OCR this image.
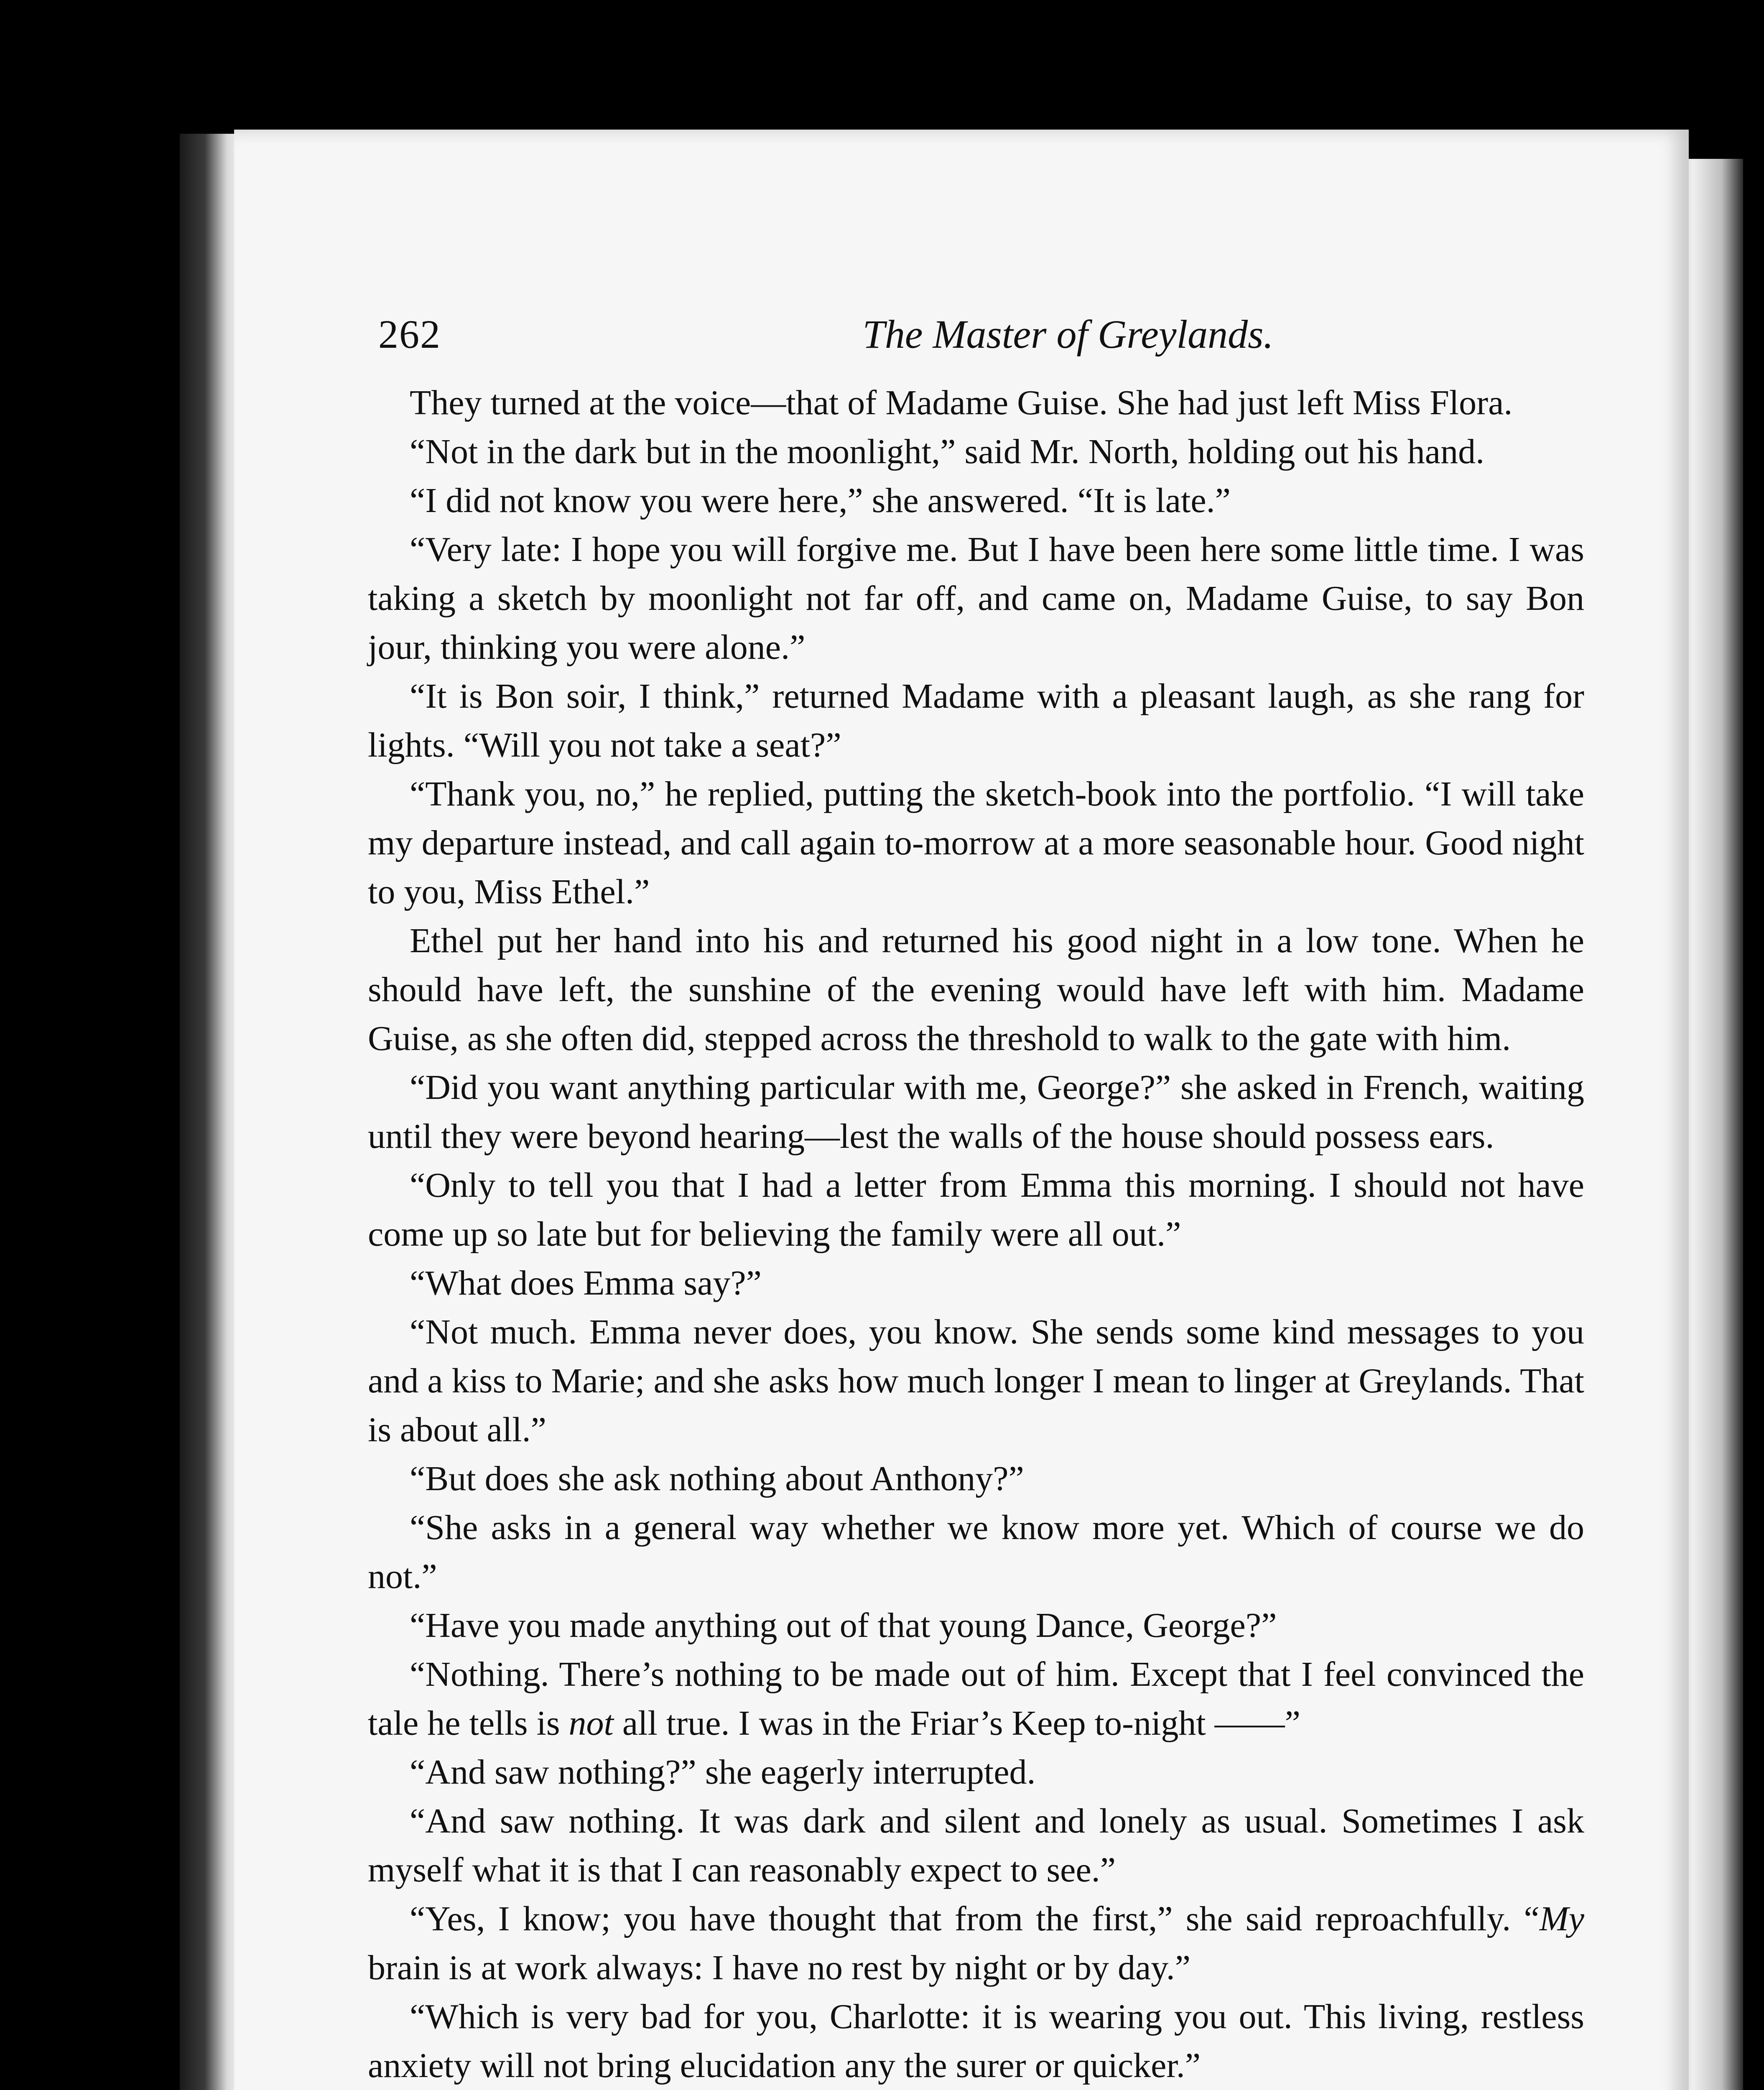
262	The Master of Greylands.

They turned at the voice—that of Madame Guise. She had just left Miss Flora.

“Not in the dark but in the moonlight,” said Mr. North, holding out his hand.

“I did not know you were here,” she answered. “It is late.”

“Very late: I hope you will forgive me. But I have been here some little time. I was taking a sketch by moonlight not far off, and came on, Madame Guise, to say Bon jour, thinking you were alone.”

“It is Bon soir, I think,” returned Madame with a pleasant laugh, as she rang for lights. “Will you not take a seat?”

“Thank you, no,” he replied, putting the sketch-book into the portfolio. “I will take my departure instead, and call again to-morrow at a more seasonable hour. Good night to you, Miss Ethel.”

Ethel put her hand into his and returned his good night in a low tone. When he should have left, the sunshine of the evening would have left with him. Madame Guise, as she often did, stepped across the threshold to walk to the gate with him.

“Did you want anything particular with me, George?” she asked in French, waiting until they were beyond hearing—lest the walls of the house should possess ears.

“Only to tell you that I had a letter from Emma this morning. I should not have come up so late but for believing the family were all out.”

“What does Emma say?”

“Not much. Emma never does, you know. She sends some kind messages to you and a kiss to Marie; and she asks how much longer I mean to linger at Greylands. That is about all.”

“But does she ask nothing about Anthony?”

“She asks in a general way whether we know more yet. Which of course we do not.”

“Have you made anything out of that young Dance, George?”

“Nothing. There’s nothing to be made out of him. Except that I feel convinced the tale he tells is not all true. I was in the Friar’s Keep to-night ——”

“And saw nothing?” she eagerly interrupted.

“And saw nothing. It was dark and silent and lonely as usual. Sometimes I ask myself what it is that I can reasonably expect to see.”

“Yes, I know; you have thought that from the first,” she said reproachfully. “My brain is at work always: I have no rest by night or by day.”

“Which is very bad for you, Charlotte: it is wearing you out. This living, restless anxiety will not bring elucidation any the surer or quicker.”
